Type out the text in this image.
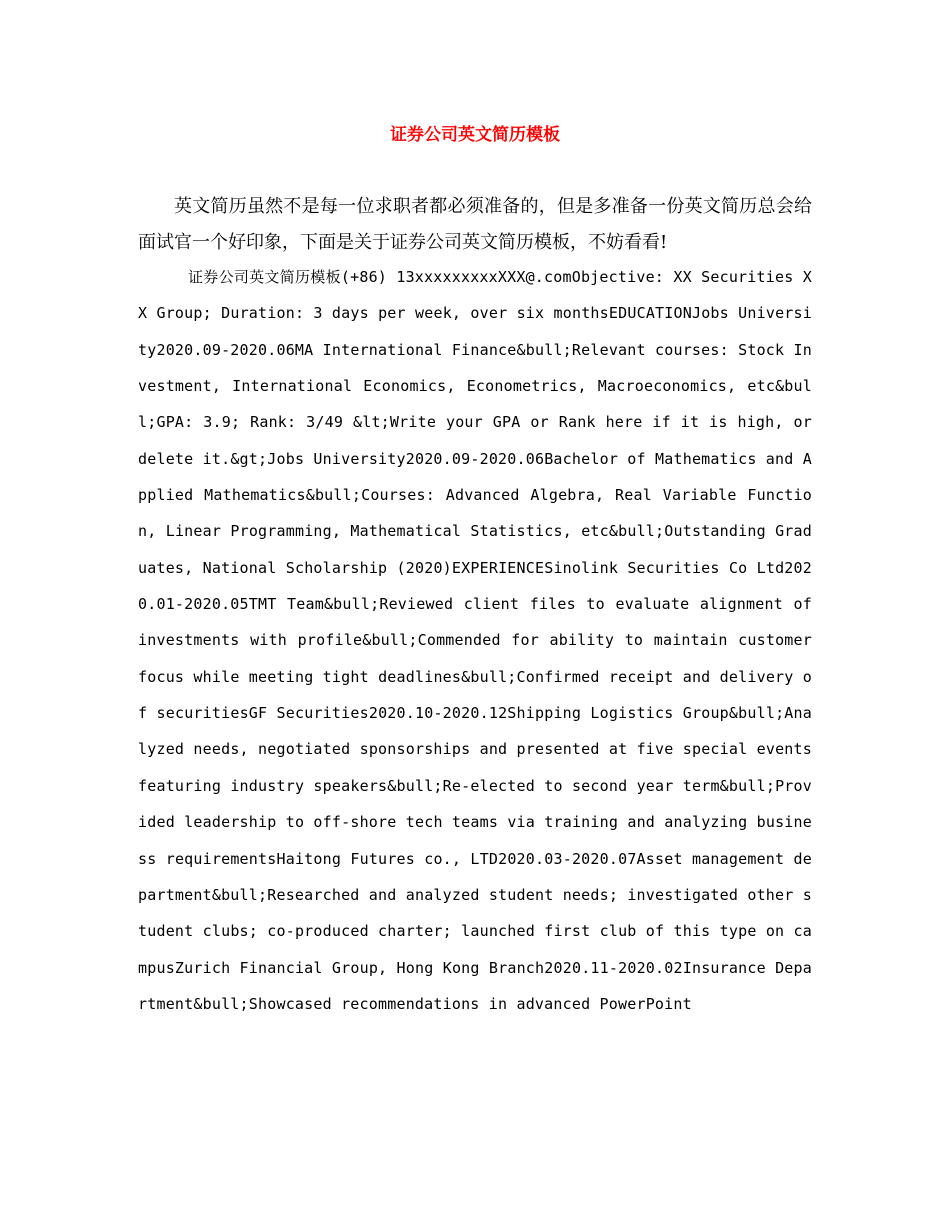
证券公司英文简历模板

英文简历虽然不是每一位求职者都必须准备的，但是多准备一份英文简历总会给面试官一个好印象，下面是关于证券公司英文简历模板，不妨看看!

证券公司英文简历模板(+86) 13xxxxxxxxxXXX@.comObjective: XX Securities XX Group; Duration: 3 days per week, over six monthsEDUCATIONJobs University2020.09-2020.06MA International Finance&bull;Relevant courses: Stock Investment, International Economics, Econometrics, Macroeconomics, etc&bull;GPA: 3.9; Rank: 3/49 &lt;Write your GPA or Rank here if it is high, or delete it.&gt;Jobs University2020.09-2020.06Bachelor of Mathematics and Applied Mathematics&bull;Courses: Advanced Algebra, Real Variable Function, Linear Programming, Mathematical Statistics, etc&bull;Outstanding Graduates, National Scholarship (2020)EXPERIENCESinolink Securities Co Ltd2020.01-2020.05TMT Team&bull;Reviewed client files to evaluate alignment of investments with profile&bull;Commended for ability to maintain customer focus while meeting tight deadlines&bull;Confirmed receipt and delivery of securitiesGF Securities2020.10-2020.12Shipping Logistics Group&bull;Analyzed needs, negotiated sponsorships and presented at five special events featuring industry speakers&bull;Re-elected to second year term&bull;Provided leadership to off-shore tech teams via training and analyzing business requirementsHaitong Futures co., LTD2020.03-2020.07Asset management department&bull;Researched and analyzed student needs; investigated other student clubs; co-produced charter; launched first club of this type on campusZurich Financial Group, Hong Kong Branch2020.11-2020.02Insurance Department&bull;Showcased recommendations in advanced PowerPoint
